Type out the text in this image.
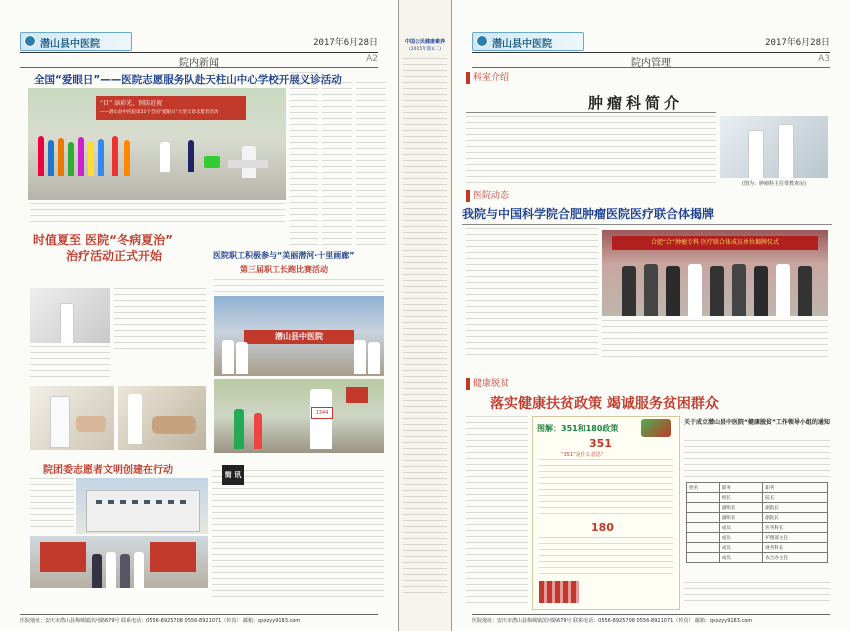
潜山县中医院	2017年6月28日
院内新闻	A2
全国“爱眼日”——医院志愿服务队赴天柱山中心学校开展义诊活动
“目” 添彩光、预防近视
——潜山县中医院第22个全国“爱眼日”大型义诊志愿者活动
时值夏至 医院“冬病夏治”
治疗活动正式开始	医院职工积极参与“美丽潜河·十里画廊”
第三届职工长跑比赛活动
潜山县中医院
1344
院团委志愿者文明创建在行动	简 讯
医院地址：安庆市潜山县梅城镇滨河路679号 联系电话：0556-8925708 0556-8921071（传真） 邮箱：qsxzyy9183.com
中国公民健康素养
(2015年版)(二)	潜山县中医院	2017年6月28日
院内管理	A3
科室介绍
肿瘤科简介
(图为：肿瘤科主任带教查房)
医院动态
我院与中国科学院合肥肿瘤医院医疗联合体揭牌
合肥“合”肿瘤专科 医疗联合体成员单位揭牌仪式
健康脱贫
落实健康扶贫政策 竭诚服务贫困群众
图解：351和180政策
351
“351”是什么意思？
180
关于成立潜山县中医院“健康脱贫”工作领导小组的通知
姓名	职务	职务
	组长	院长
	副组长	副院长
	副组长	副院长
	成员	医务科长
	成员	护理部主任
	成员	财务科长
	成员	农合办主任
医院地址：安庆市潜山县梅城镇滨河路679号 联系电话：0556-8925708 0556-8921071（传真） 邮箱：qsxzyy9183.com
